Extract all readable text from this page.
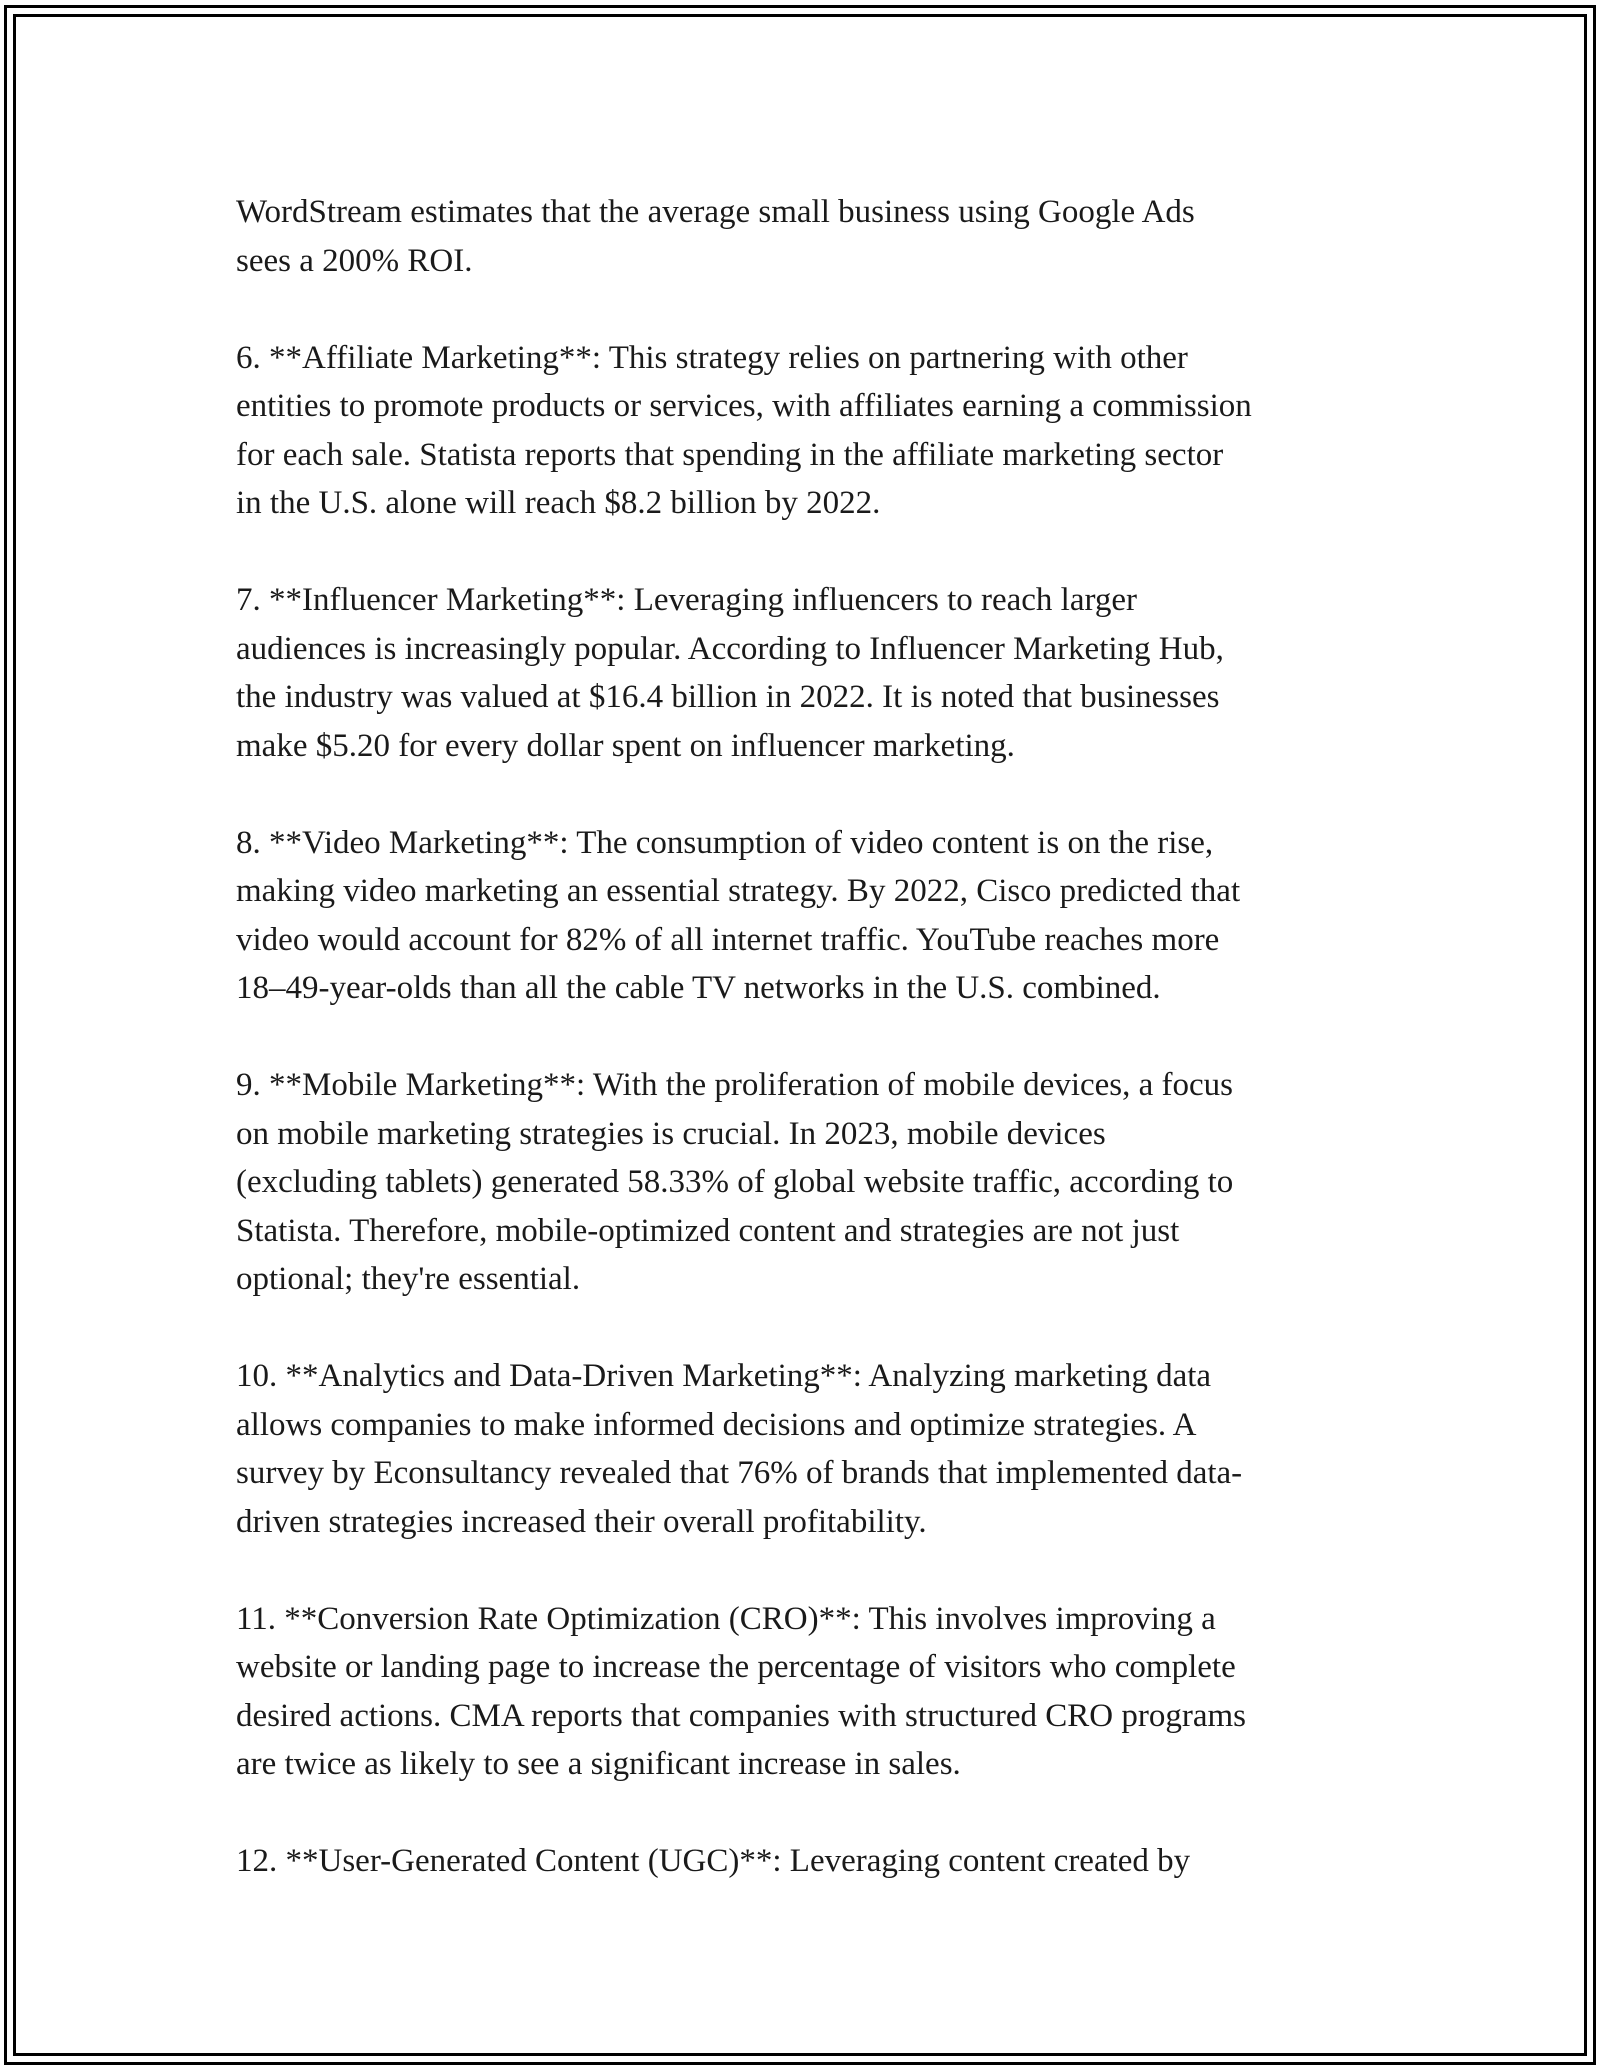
WordStream estimates that the average small business using Google Ads
sees a 200% ROI.

6. **Affiliate Marketing**: This strategy relies on partnering with other
entities to promote products or services, with affiliates earning a commission
for each sale. Statista reports that spending in the affiliate marketing sector
in the U.S. alone will reach $8.2 billion by 2022.

7. **Influencer Marketing**: Leveraging influencers to reach larger
audiences is increasingly popular. According to Influencer Marketing Hub,
the industry was valued at $16.4 billion in 2022. It is noted that businesses
make $5.20 for every dollar spent on influencer marketing.

8. **Video Marketing**: The consumption of video content is on the rise,
making video marketing an essential strategy. By 2022, Cisco predicted that
video would account for 82% of all internet traffic. YouTube reaches more
18–49-year-olds than all the cable TV networks in the U.S. combined.

9. **Mobile Marketing**: With the proliferation of mobile devices, a focus
on mobile marketing strategies is crucial. In 2023, mobile devices
(excluding tablets) generated 58.33% of global website traffic, according to
Statista. Therefore, mobile-optimized content and strategies are not just
optional; they're essential.

10. **Analytics and Data-Driven Marketing**: Analyzing marketing data
allows companies to make informed decisions and optimize strategies. A
survey by Econsultancy revealed that 76% of brands that implemented data-
driven strategies increased their overall profitability.

11. **Conversion Rate Optimization (CRO)**: This involves improving a
website or landing page to increase the percentage of visitors who complete
desired actions. CMA reports that companies with structured CRO programs
are twice as likely to see a significant increase in sales.

12. **User-Generated Content (UGC)**: Leveraging content created by
